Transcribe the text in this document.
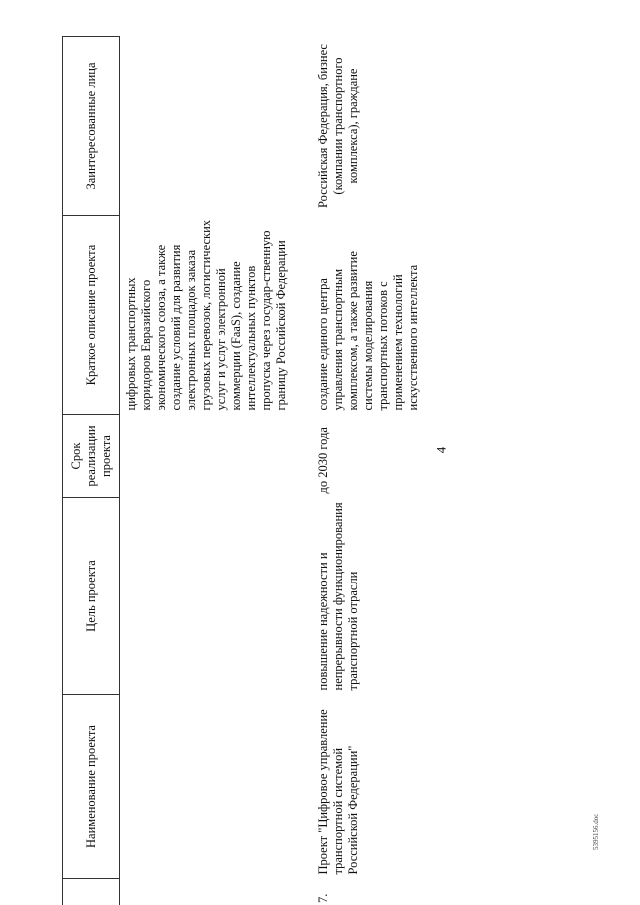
4
5395156.doc
	Наименование проекта	Цель проекта	Срок реализации проекта	Краткое описание проекта	Заинтересованные лица
				цифровых транспортных коридоров Евразийского экономического союза, а также создание условий для развития электронных площадок заказа грузовых перевозок, логистических услуг и услуг электронной коммерции (FaaS), создание интеллектуальных пунктов пропуска через государ-ственную границу Российской Федерации	
7.	Проект "Цифровое управление транспортной системой Российской Федерации"	повышение надежности и непрерывности функционирования транспортной отрасли	до 2030 года	создание единого центра управления транспортным комплексом, а также развитие системы моделирования транспортных потоков с применением технологий искусственного интеллекта	Российская Федерация, бизнес (компании транспортного комплекса), граждане
